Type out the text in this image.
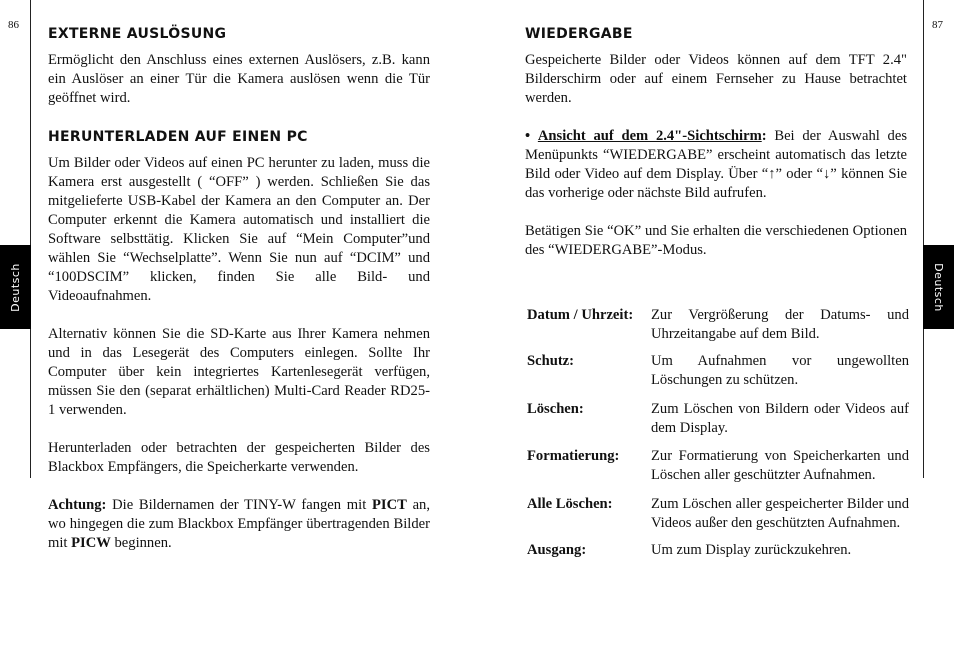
86	87
Deutsch	Deutsch
EXTERNE AUSLÖSUNG

Ermöglicht den Anschluss eines externen Auslösers, z.B. kann ein Auslöser an einer Tür die Kamera auslösen wenn die Tür geöffnet wird.

HERUNTERLADEN AUF EINEN PC

Um Bilder oder Videos auf einen PC herunter zu laden, muss die Kamera erst ausgestellt ( “OFF” ) werden. Schließen Sie das mitgelieferte USB-Kabel der Kamera an den Computer an. Der Computer erkennt die Kamera automatisch und installiert die Software selbsttätig. Klicken Sie auf “Mein Computer”und wählen Sie “Wechselplatte”. Wenn Sie nun auf “DCIM” und “100DSCIM” klicken, finden Sie alle Bild- und Videoaufnahmen.

Alternativ können Sie die SD-Karte aus Ihrer Kamera nehmen und in das Lesegerät des Computers einlegen. Sollte Ihr Computer über kein integriertes Kartenlesegerät verfügen, müssen Sie den (separat erhältlichen) Multi-Card Reader RD25-1 verwenden.

Herunterladen oder betrachten der gespeicherten Bilder des Blackbox Empfängers, die Speicherkarte verwenden.

Achtung: Die Bildernamen der TINY-W fangen mit PICT an, wo hingegen die zum Blackbox Empfänger übertragenden Bilder mit PICW beginnen.

WIEDERGABE

Gespeicherte Bilder oder Videos können auf dem TFT 2.4" Bilderschirm oder auf einem Fernseher zu Hause betrachtet werden.

• Ansicht auf dem 2.4"-Sichtschirm: Bei der Auswahl des Menüpunkts “WIEDERGABE” erscheint automatisch das letzte Bild oder Video auf dem Display. Über “↑” oder “↓” können Sie das vorherige oder nächste Bild aufrufen.

Betätigen Sie “OK” und Sie erhalten die verschiedenen Optionen des “WIEDERGABE”-Modus.

Datum / Uhrzeit:	Zur Vergrößerung der Datums- und Uhrzeitangabe auf dem Bild.

Schutz:	Um Aufnahmen vor ungewollten Löschungen zu schützen.

Löschen:	Zum Löschen von Bildern oder Videos auf dem Display.

Formatierung:	Zur Formatierung von Speicherkarten und Löschen aller geschützter Aufnahmen.

Alle Löschen:	Zum Löschen aller gespeicherter Bilder und Videos außer den geschützten Aufnahmen.

Ausgang:	Um zum Display zurückzukehren.
